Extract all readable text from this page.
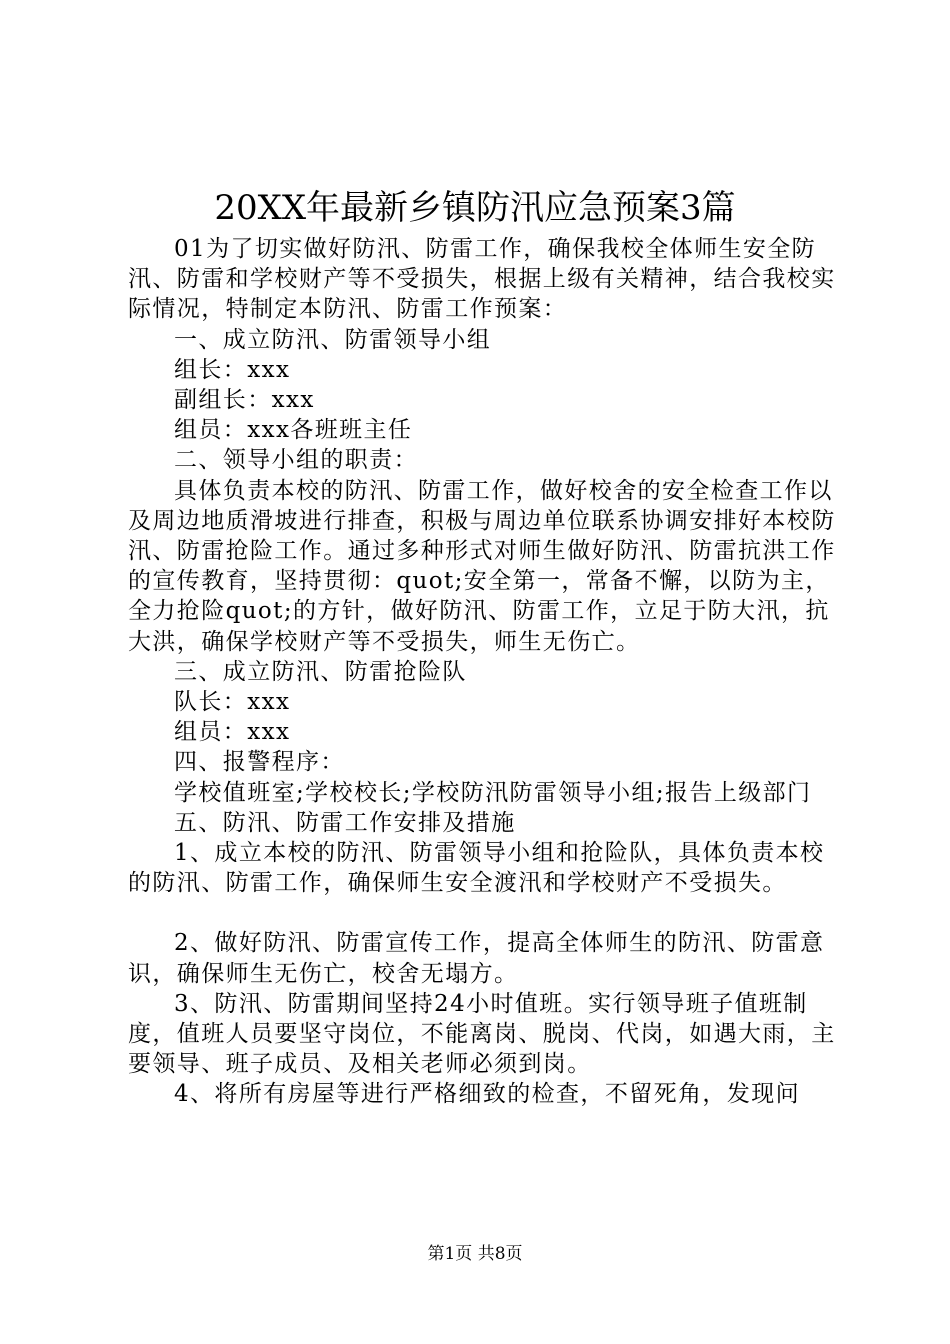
20XX年最新乡镇防汛应急预案3篇

01为了切实做好防汛、防雷工作，确保我校全体师生安全防汛、防雷和学校财产等不受损失，根据上级有关精神，结合我校实际情况，特制定本防汛、防雷工作预案：

一、成立防汛、防雷领导小组

组长：xxx

副组长：xxx

组员：xxx各班班主任

二、领导小组的职责：

具体负责本校的防汛、防雷工作，做好校舍的安全检查工作以及周边地质滑坡进行排查，积极与周边单位联系协调安排好本校防汛、防雷抢险工作。通过多种形式对师生做好防汛、防雷抗洪工作的宣传教育，坚持贯彻：quot;安全第一，常备不懈，以防为主，全力抢险quot;的方针，做好防汛、防雷工作，立足于防大汛，抗大洪，确保学校财产等不受损失，师生无伤亡。

三、成立防汛、防雷抢险队

队长：xxx

组员：xxx

四、报警程序：

学校值班室;学校校长;学校防汛防雷领导小组;报告上级部门

五、防汛、防雷工作安排及措施

1、成立本校的防汛、防雷领导小组和抢险队，具体负责本校的防汛、防雷工作，确保师生安全渡汛和学校财产不受损失。

2、做好防汛、防雷宣传工作，提高全体师生的防汛、防雷意识，确保师生无伤亡，校舍无塌方。

3、防汛、防雷期间坚持24小时值班。实行领导班子值班制度，值班人员要坚守岗位，不能离岗、脱岗、代岗，如遇大雨，主要领导、班子成员、及相关老师必须到岗。

4、将所有房屋等进行严格细致的检查，不留死角，发现问

第1页 共8页
